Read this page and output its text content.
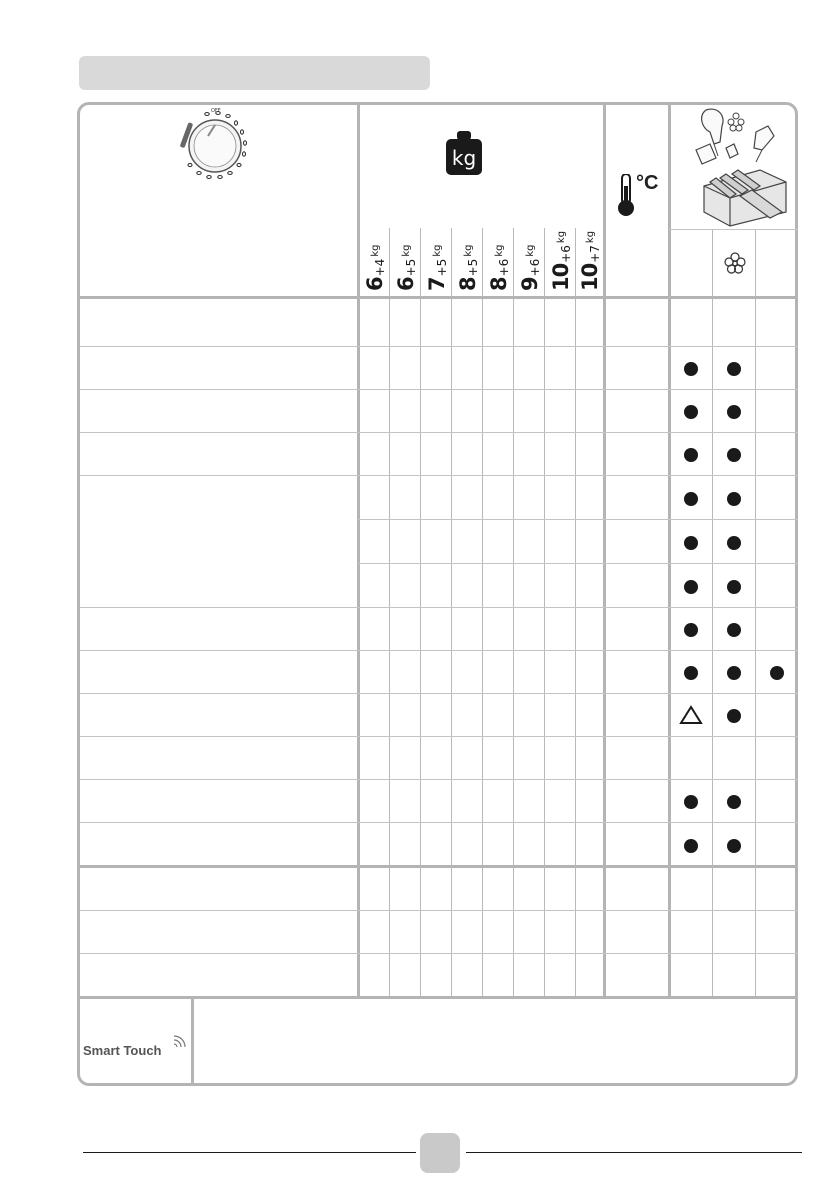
OFF
kg
°C
6
+4
kg
6
+5
kg
7
+5
kg
8
+5
kg
8
+6
kg
9
+6
kg
10
+6
kg
10
+7
kg
Smart Touch
